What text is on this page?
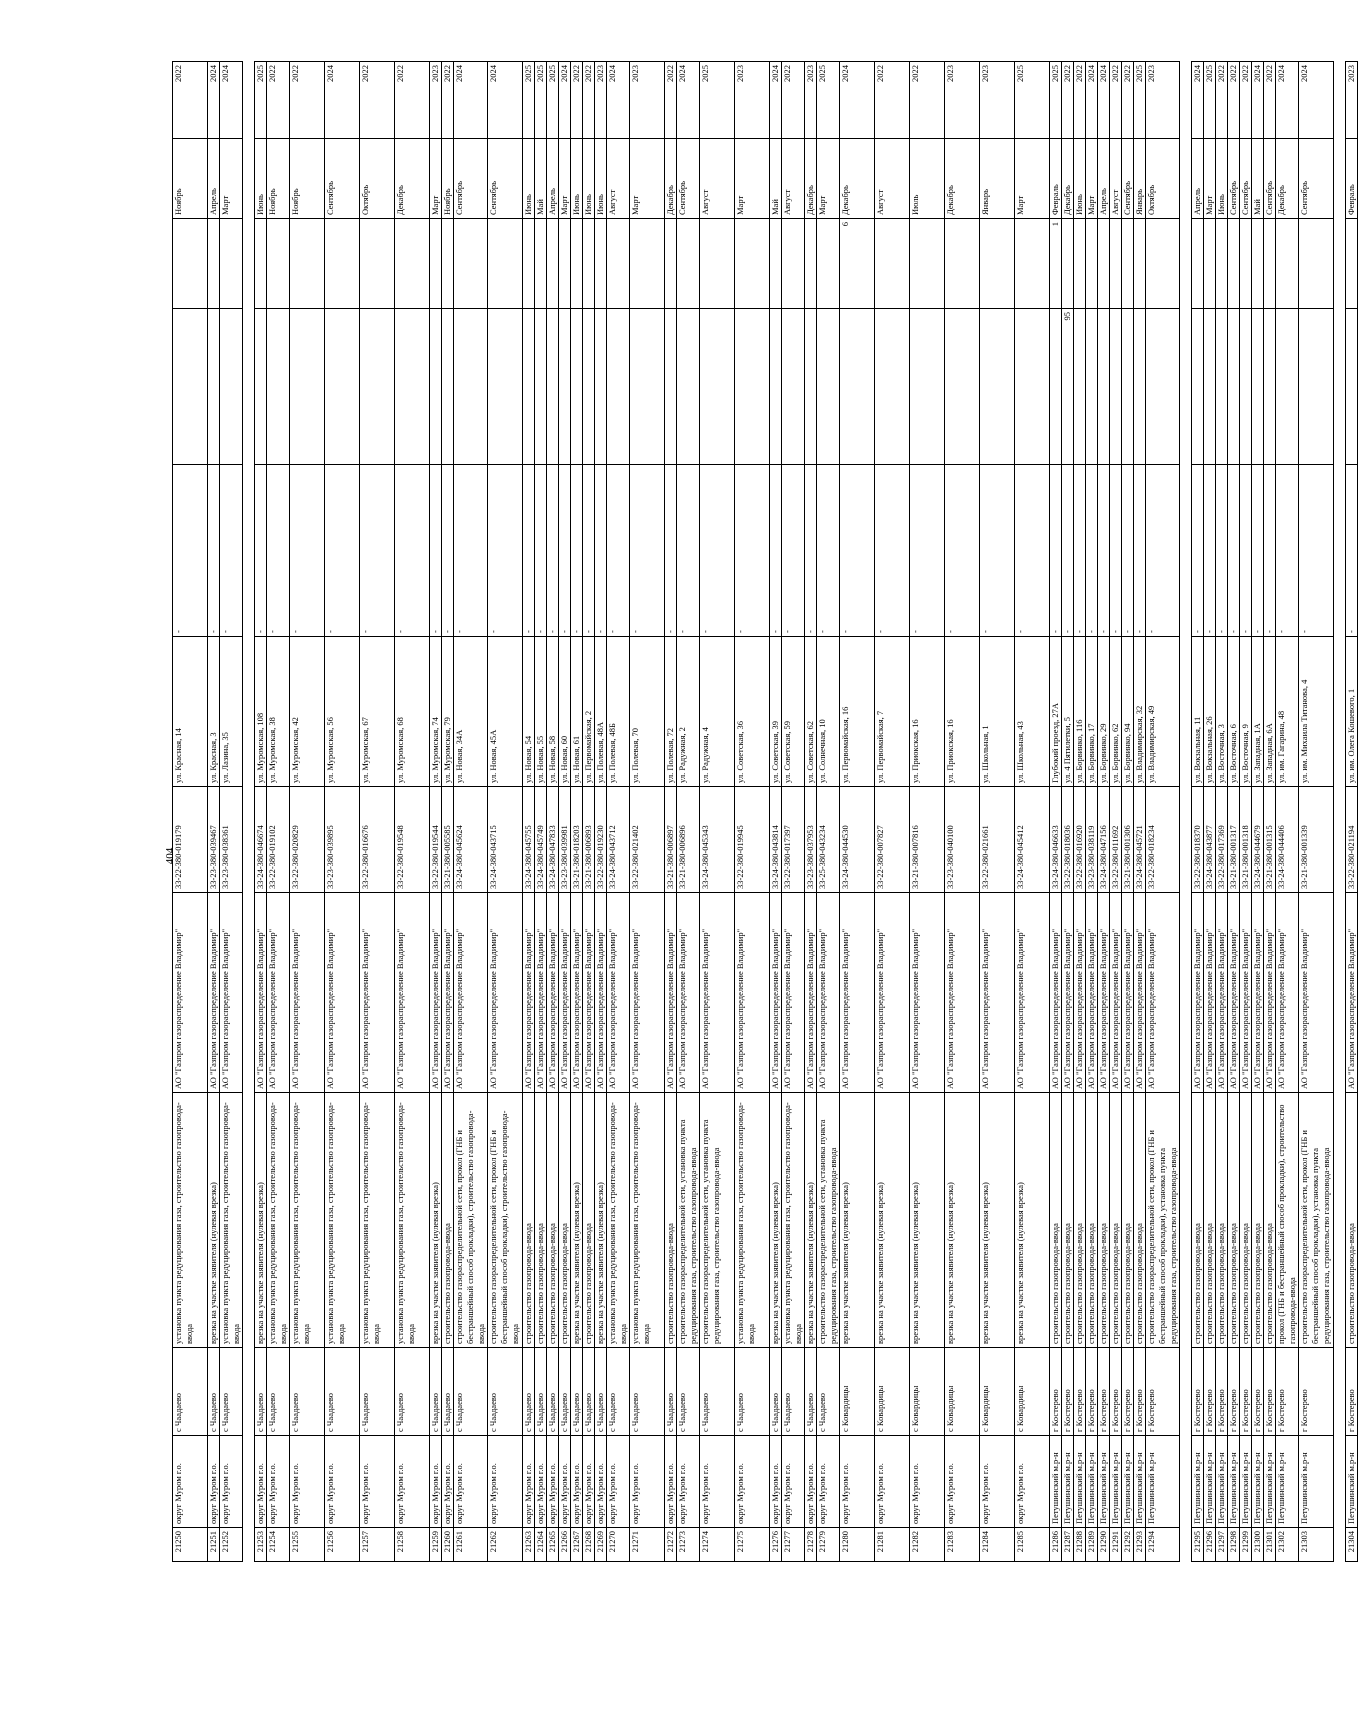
404
21250	округ Муром г.о.	с Чаадаево	установка пункта редуцирования газа, строительство газопровода-ввода	АО "Газпром газораспределение Владимир"	33-22-380-019179	ул. Красная, 14	-			Ноябрь	2022
21251	округ Муром г.о.	с Чаадаево	врезка на участке заявителя (нулевая врезка)	АО "Газпром газораспределение Владимир"	33-23-380-039467	ул. Красная, 3	-			Апрель	2024
21252	округ Муром г.о.	с Чаадаево	установка пункта редуцирования газа, строительство газопровода-ввода	АО "Газпром газораспределение Владимир"	33-23-380-038361	ул. Лазина, 35	-			Март	2024

21253	округ Муром г.о.	с Чаадаево	врезка на участке заявителя (нулевая врезка)	АО "Газпром газораспределение Владимир"	33-24-380-046674	ул. Муромская, 108	-			Июнь	2025
21254	округ Муром г.о.	с Чаадаево	установка пункта редуцирования газа, строительство газопровода-ввода	АО "Газпром газораспределение Владимир"	33-22-380-019102	ул. Муромская, 38	-			Ноябрь	2022
21255	округ Муром г.о.	с Чаадаево	установка пункта редуцирования газа, строительство газопровода-ввода	АО "Газпром газораспределение Владимир"	33-22-380-020829	ул. Муромская, 42	-			Ноябрь	2022
21256	округ Муром г.о.	с Чаадаево	установка пункта редуцирования газа, строительство газопровода-ввода	АО "Газпром газораспределение Владимир"	33-23-380-039895	ул. Муромская, 56	-			Сентябрь	2024
21257	округ Муром г.о.	с Чаадаево	установка пункта редуцирования газа, строительство газопровода-ввода	АО "Газпром газораспределение Владимир"	33-22-380-016676	ул. Муромская, 67	-			Октябрь	2022
21258	округ Муром г.о.	с Чаадаево	установка пункта редуцирования газа, строительство газопровода-ввода	АО "Газпром газораспределение Владимир"	33-22-380-019548	ул. Муромская, 68	-			Декабрь	2022
21259	округ Муром г.о.	с Чаадаево	врезка на участке заявителя (нулевая врезка)	АО "Газпром газораспределение Владимир"	33-22-380-019544	ул. Муромская, 74	-			Март	2023
21260	округ Муром г.о.	с Чаадаево	строительство газопровода-ввода	АО "Газпром газораспределение Владимир"	33-21-380-005585	ул. Муромская, 79	-			Ноябрь	2022
21261	округ Муром г.о.	с Чаадаево	строительство газораспределительной сети, прокол (ГНБ и бестраншейный способ прокладки), строительство газопровода-ввода	АО "Газпром газораспределение Владимир"	33-24-380-045624	ул. Новая, 34А	-			Сентябрь	2024
21262	округ Муром г.о.	с Чаадаево	строительство газораспределительной сети, прокол (ГНБ и бестраншейный способ прокладки), строительство газопровода-ввода	АО "Газпром газораспределение Владимир"	33-24-380-043715	ул. Новая, 45А	-			Сентябрь	2024
21263	округ Муром г.о.	с Чаадаево	строительство газопровода-ввода	АО "Газпром газораспределение Владимир"	33-24-380-045755	ул. Новая, 54	-			Июнь	2025
21264	округ Муром г.о.	с Чаадаево	строительство газопровода-ввода	АО "Газпром газораспределение Владимир"	33-24-380-045749	ул. Новая, 55	-			Май	2025
21265	округ Муром г.о.	с Чаадаево	строительство газопровода-ввода	АО "Газпром газораспределение Владимир"	33-24-380-047833	ул. Новая, 58	-			Апрель	2025
21266	округ Муром г.о.	с Чаадаево	строительство газопровода-ввода	АО "Газпром газораспределение Владимир"	33-23-380-039981	ул. Новая, 60	-			Март	2024
21267	округ Муром г.о.	с Чаадаево	врезка на участке заявителя (нулевая врезка)	АО "Газпром газораспределение Владимир"	33-21-380-018203	ул. Новая, 61	-			Июнь	2022
21268	округ Муром г.о.	с Чаадаево	строительство газопровода-ввода	АО "Газпром газораспределение Владимир"	33-21-380-006893	ул. Первомайская, 2	-			Июнь	2022
21269	округ Муром г.о.	с Чаадаево	врезка на участке заявителя (нулевая врезка)	АО "Газпром газораспределение Владимир"	33-22-380-019230	ул. Полевая, 48А	-			Июнь	2023
21270	округ Муром г.о.	с Чаадаево	установка пункта редуцирования газа, строительство газопровода-ввода	АО "Газпром газораспределение Владимир"	33-24-380-043712	ул. Полевая, 48Б	-			Август	2024
21271	округ Муром г.о.	с Чаадаево	установка пункта редуцирования газа, строительство газопровода-ввода	АО "Газпром газораспределение Владимир"	33-22-380-021402	ул. Полевая, 70	-			Март	2023
21272	округ Муром г.о.	с Чаадаево	строительство газопровода-ввода	АО "Газпром газораспределение Владимир"	33-21-380-006897	ул. Полевая, 72	-			Декабрь	2022
21273	округ Муром г.о.	с Чаадаево	строительство газораспределительной сети, установка пункта редуцирования газа, строительство газопровода-ввода	АО "Газпром газораспределение Владимир"	33-21-380-006896	ул. Радужная, 2	-			Сентябрь	2024
21274	округ Муром г.о.	с Чаадаево	строительство газораспределительной сети, установка пункта редуцирования газа, строительство газопровода-ввода	АО "Газпром газораспределение Владимир"	33-24-380-045343	ул. Радужная, 4	-			Август	2025
21275	округ Муром г.о.	с Чаадаево	установка пункта редуцирования газа, строительство газопровода-ввода	АО "Газпром газораспределение Владимир"	33-22-380-019945	ул. Советская, 36	-			Март	2023
21276	округ Муром г.о.	с Чаадаево	врезка на участке заявителя (нулевая врезка)	АО "Газпром газораспределение Владимир"	33-24-380-043814	ул. Советская, 39	-			Май	2024
21277	округ Муром г.о.	с Чаадаево	установка пункта редуцирования газа, строительство газопровода-ввода	АО "Газпром газораспределение Владимир"	33-22-380-017397	ул. Советская, 59	-			Август	2022
21278	округ Муром г.о.	с Чаадаево	врезка на участке заявителя (нулевая врезка)	АО "Газпром газораспределение Владимир"	33-23-380-037953	ул. Советская, 62	-			Декабрь	2023
21279	округ Муром г.о.	с Чаадаево	строительство газораспределительной сети, установка пункта редуцирования газа, строительство газопровода-ввода	АО "Газпром газораспределение Владимир"	33-25-380-043234	ул. Солнечная, 10	-			Март	2025
21280	округ Муром г.о.	с Ковардицы	врезка на участке заявителя (нулевая врезка)	АО "Газпром газораспределение Владимир"	33-24-380-044530	ул. Первомайская, 16	-		6	Декабрь	2024
21281	округ Муром г.о.	с Ковардицы	врезка на участке заявителя (нулевая врезка)	АО "Газпром газораспределение Владимир"	33-22-380-007827	ул. Первомайская, 7	-			Август	2022
21282	округ Муром г.о.	с Ковардицы	врезка на участке заявителя (нулевая врезка)	АО "Газпром газораспределение Владимир"	33-21-380-007816	ул. Приокская, 16	-			Июль	2022
21283	округ Муром г.о.	с Ковардицы	врезка на участке заявителя (нулевая врезка)	АО "Газпром газораспределение Владимир"	33-23-380-040100	ул. Приокская, 16	-			Декабрь	2023
21284	округ Муром г.о.	с Ковардицы	врезка на участке заявителя (нулевая врезка)	АО "Газпром газораспределение Владимир"	33-22-380-021661	ул. Школьная, 1	-			Январь	2023
21285	округ Муром г.о.	с Ковардицы	врезка на участке заявителя (нулевая врезка)	АО "Газпром газораспределение Владимир"	33-24-380-045412	ул. Школьная, 43	-			Март	2025
21286	Петушинский м.р-н	г Костерево	строительство газопровода-ввода	АО "Газпром газораспределение Владимир"	33-24-380-046633	Глубокий проезд, 27А	-		1	Февраль	2025
21287	Петушинский м.р-н	г Костерево	строительство газопровода-ввода	АО "Газпром газораспределение Владимир"	33-22-380-018036	ул. 4 Пятилетки, 5	-	95		Декабрь	2022
21288	Петушинский м.р-н	г Костерево	строительство газопровода-ввода	АО "Газпром газораспределение Владимир"	33-22-380-016920	ул. Борвинко, 116	-			Июнь	2022
21289	Петушинский м.р-н	г Костерево	строительство газопровода-ввода	АО "Газпром газораспределение Владимир"	33-23-380-038119	ул. Борвинко, 17	-			Март	2024
21290	Петушинский м.р-н	г Костерево	строительство газопровода-ввода	АО "Газпром газораспределение Владимир"	33-24-380-047156	ул. Борвинко, 29	-			Апрель	2024
21291	Петушинский м.р-н	г Костерево	строительство газопровода-ввода	АО "Газпром газораспределение Владимир"	33-22-380-011692	ул. Борвинко, 62	-			Август	2022
21292	Петушинский м.р-н	г Костерево	строительство газопровода-ввода	АО "Газпром газораспределение Владимир"	33-21-380-001306	ул. Борвинко, 94	-			Сентябрь	2022
21293	Петушинский м.р-н	г Костерево	строительство газопровода-ввода	АО "Газпром газораспределение Владимир"	33-24-380-045721	ул. Владимирская, 32	-			Январь	2025
21294	Петушинский м.р-н	г Костерево	строительство газораспределительной сети, прокол (ГНБ и бестраншейный способ прокладки), установка пункта редуцирования газа, строительство газопровода-ввода	АО "Газпром газораспределение Владимир"	33-22-380-018234	ул. Владимирская, 49	-			Октябрь	2023

21295	Петушинский м.р-н	г Костерево	строительство газопровода-ввода	АО "Газпром газораспределение Владимир"	33-22-380-018370	ул. Вокзальная, 11	-			Апрель	2024
21296	Петушинский м.р-н	г Костерево	строительство газопровода-ввода	АО "Газпром газораспределение Владимир"	33-24-380-043877	ул. Вокзальная, 26	-			Март	2025
21297	Петушинский м.р-н	г Костерево	строительство газопровода-ввода	АО "Газпром газораспределение Владимир"	33-22-380-017369	ул. Восточная, 3	-			Июнь	2022
21298	Петушинский м.р-н	г Костерево	строительство газопровода-ввода	АО "Газпром газораспределение Владимир"	33-21-380-001317	ул. Восточная, 6	-			Сентябрь	2022
21299	Петушинский м.р-н	г Костерево	строительство газопровода-ввода	АО "Газпром газораспределение Владимир"	33-21-380-001318	ул. Восточная, 9	-			Сентябрь	2022
21300	Петушинский м.р-н	г Костерево	строительство газопровода-ввода	АО "Газпром газораспределение Владимир"	33-24-380-044679	ул. Западная, 1А	-			Май	2024
21301	Петушинский м.р-н	г Костерево	строительство газопровода-ввода	АО "Газпром газораспределение Владимир"	33-21-380-001315	ул. Западная, 6А	-			Сентябрь	2022
21302	Петушинский м.р-н	г Костерево	прокол (ГНБ и бестраншейный способ прокладки), строительство газопровода-ввода	АО "Газпром газораспределение Владимир"	33-24-380-044406	ул. им. Гагарина, 48	-			Декабрь	2024
21303	Петушинский м.р-н	г Костерево	строительство газораспределительной сети, прокол (ГНБ и бестраншейный способ прокладки), установка пункта редуцирования газа, строительство газопровода-ввода	АО "Газпром газораспределение Владимир"	33-21-380-001339	ул. им. Михаила Титанова, 4	-			Сентябрь	2024

21304	Петушинский м.р-н	г Костерево	строительство газопровода-ввода	АО "Газпром газораспределение Владимир"	33-22-380-021194	ул. им. Олега Кошевого, 1	-			Февраль	2023
